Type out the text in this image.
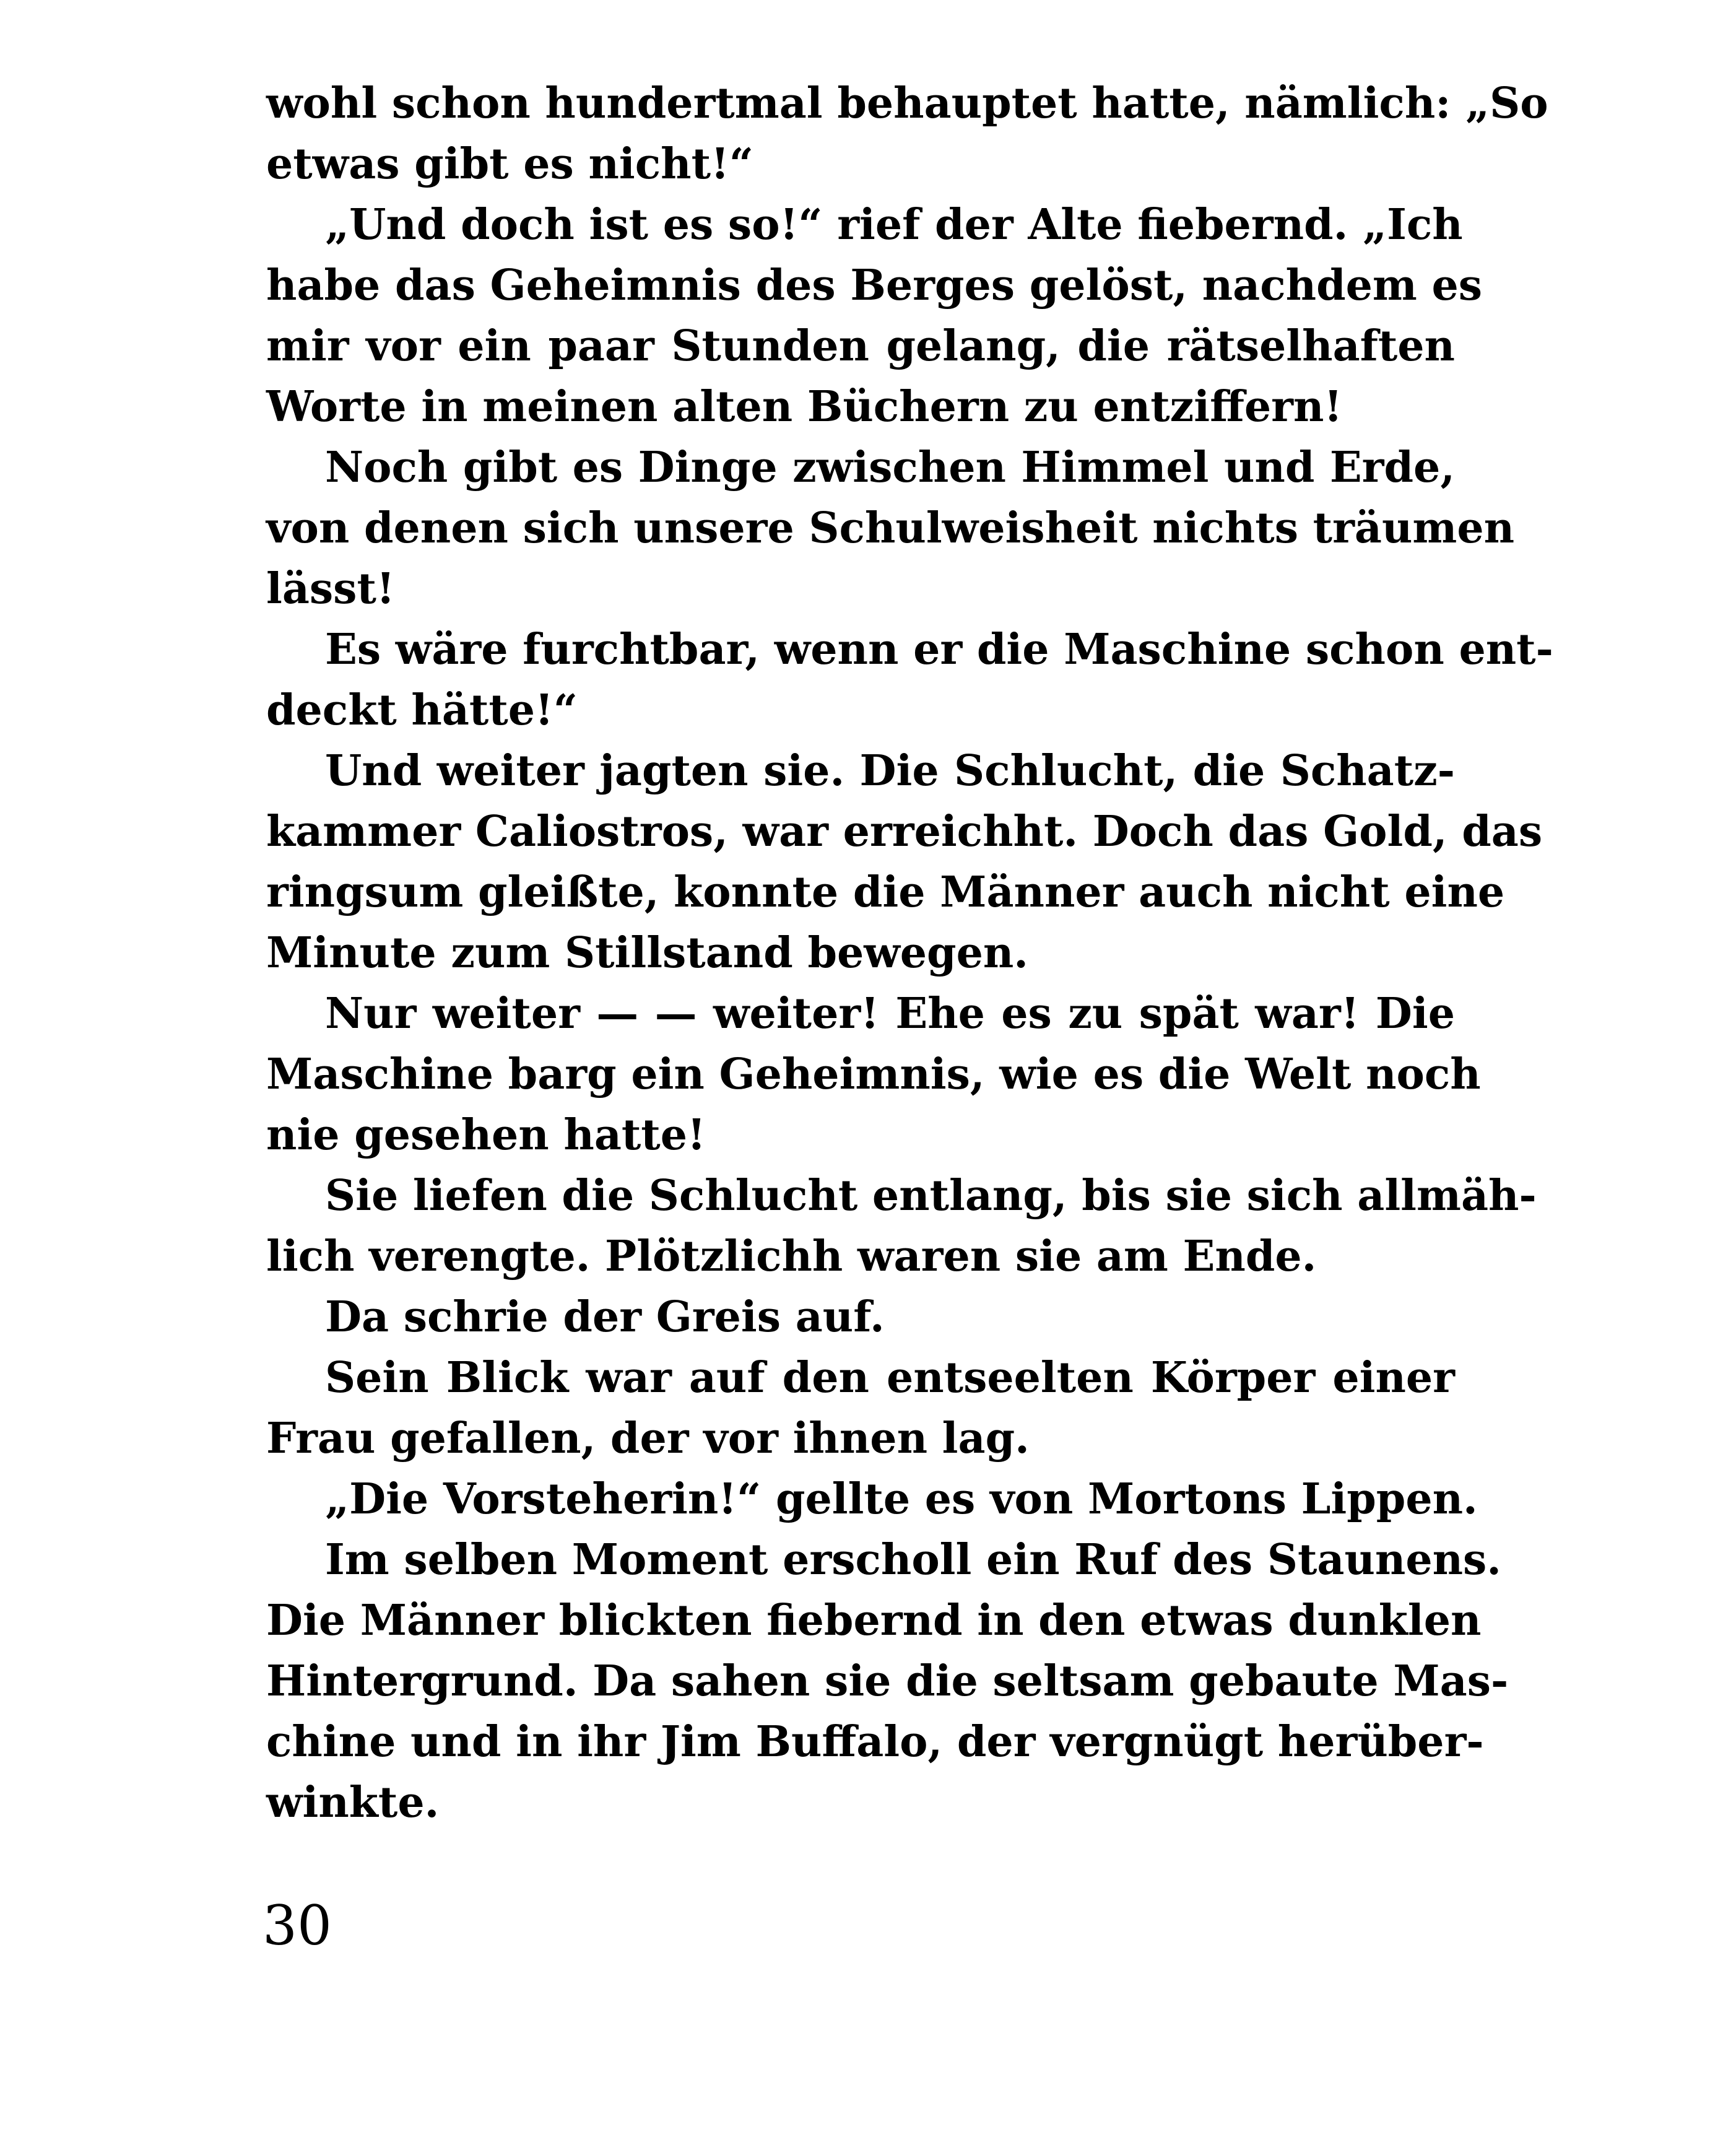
wohl schon hundertmal behauptet hatte, nämlich: „So
etwas gibt es nicht!“
„Und doch ist es so!“ rief der Alte fiebernd. „Ich
habe das Geheimnis des Berges gelöst, nachdem es
mir vor ein paar Stunden gelang, die rätselhaften
Worte in meinen alten Büchern zu entziffern!
Noch gibt es Dinge zwischen Himmel und Erde,
von denen sich unsere Schulweisheit nichts träumen
lässt!
Es wäre furchtbar, wenn er die Maschine schon ent-
deckt hätte!“
Und weiter jagten sie. Die Schlucht, die Schatz-
kammer Caliostros, war erreichht. Doch das Gold, das
ringsum gleißte, konnte die Männer auch nicht eine
Minute zum Stillstand bewegen.
Nur weiter — — weiter! Ehe es zu spät war! Die
Maschine barg ein Geheimnis, wie es die Welt noch
nie gesehen hatte!
Sie liefen die Schlucht entlang, bis sie sich allmäh-
lich verengte. Plötzlichh waren sie am Ende.
Da schrie der Greis auf.
Sein Blick war auf den entseelten Körper einer
Frau gefallen, der vor ihnen lag.
„Die Vorsteherin!“ gellte es von Mortons Lippen.
Im selben Moment erscholl ein Ruf des Staunens.
Die Männer blickten fiebernd in den etwas dunklen
Hintergrund. Da sahen sie die seltsam gebaute Mas-
chine und in ihr Jim Buffalo, der vergnügt herüber-
winkte.
30
